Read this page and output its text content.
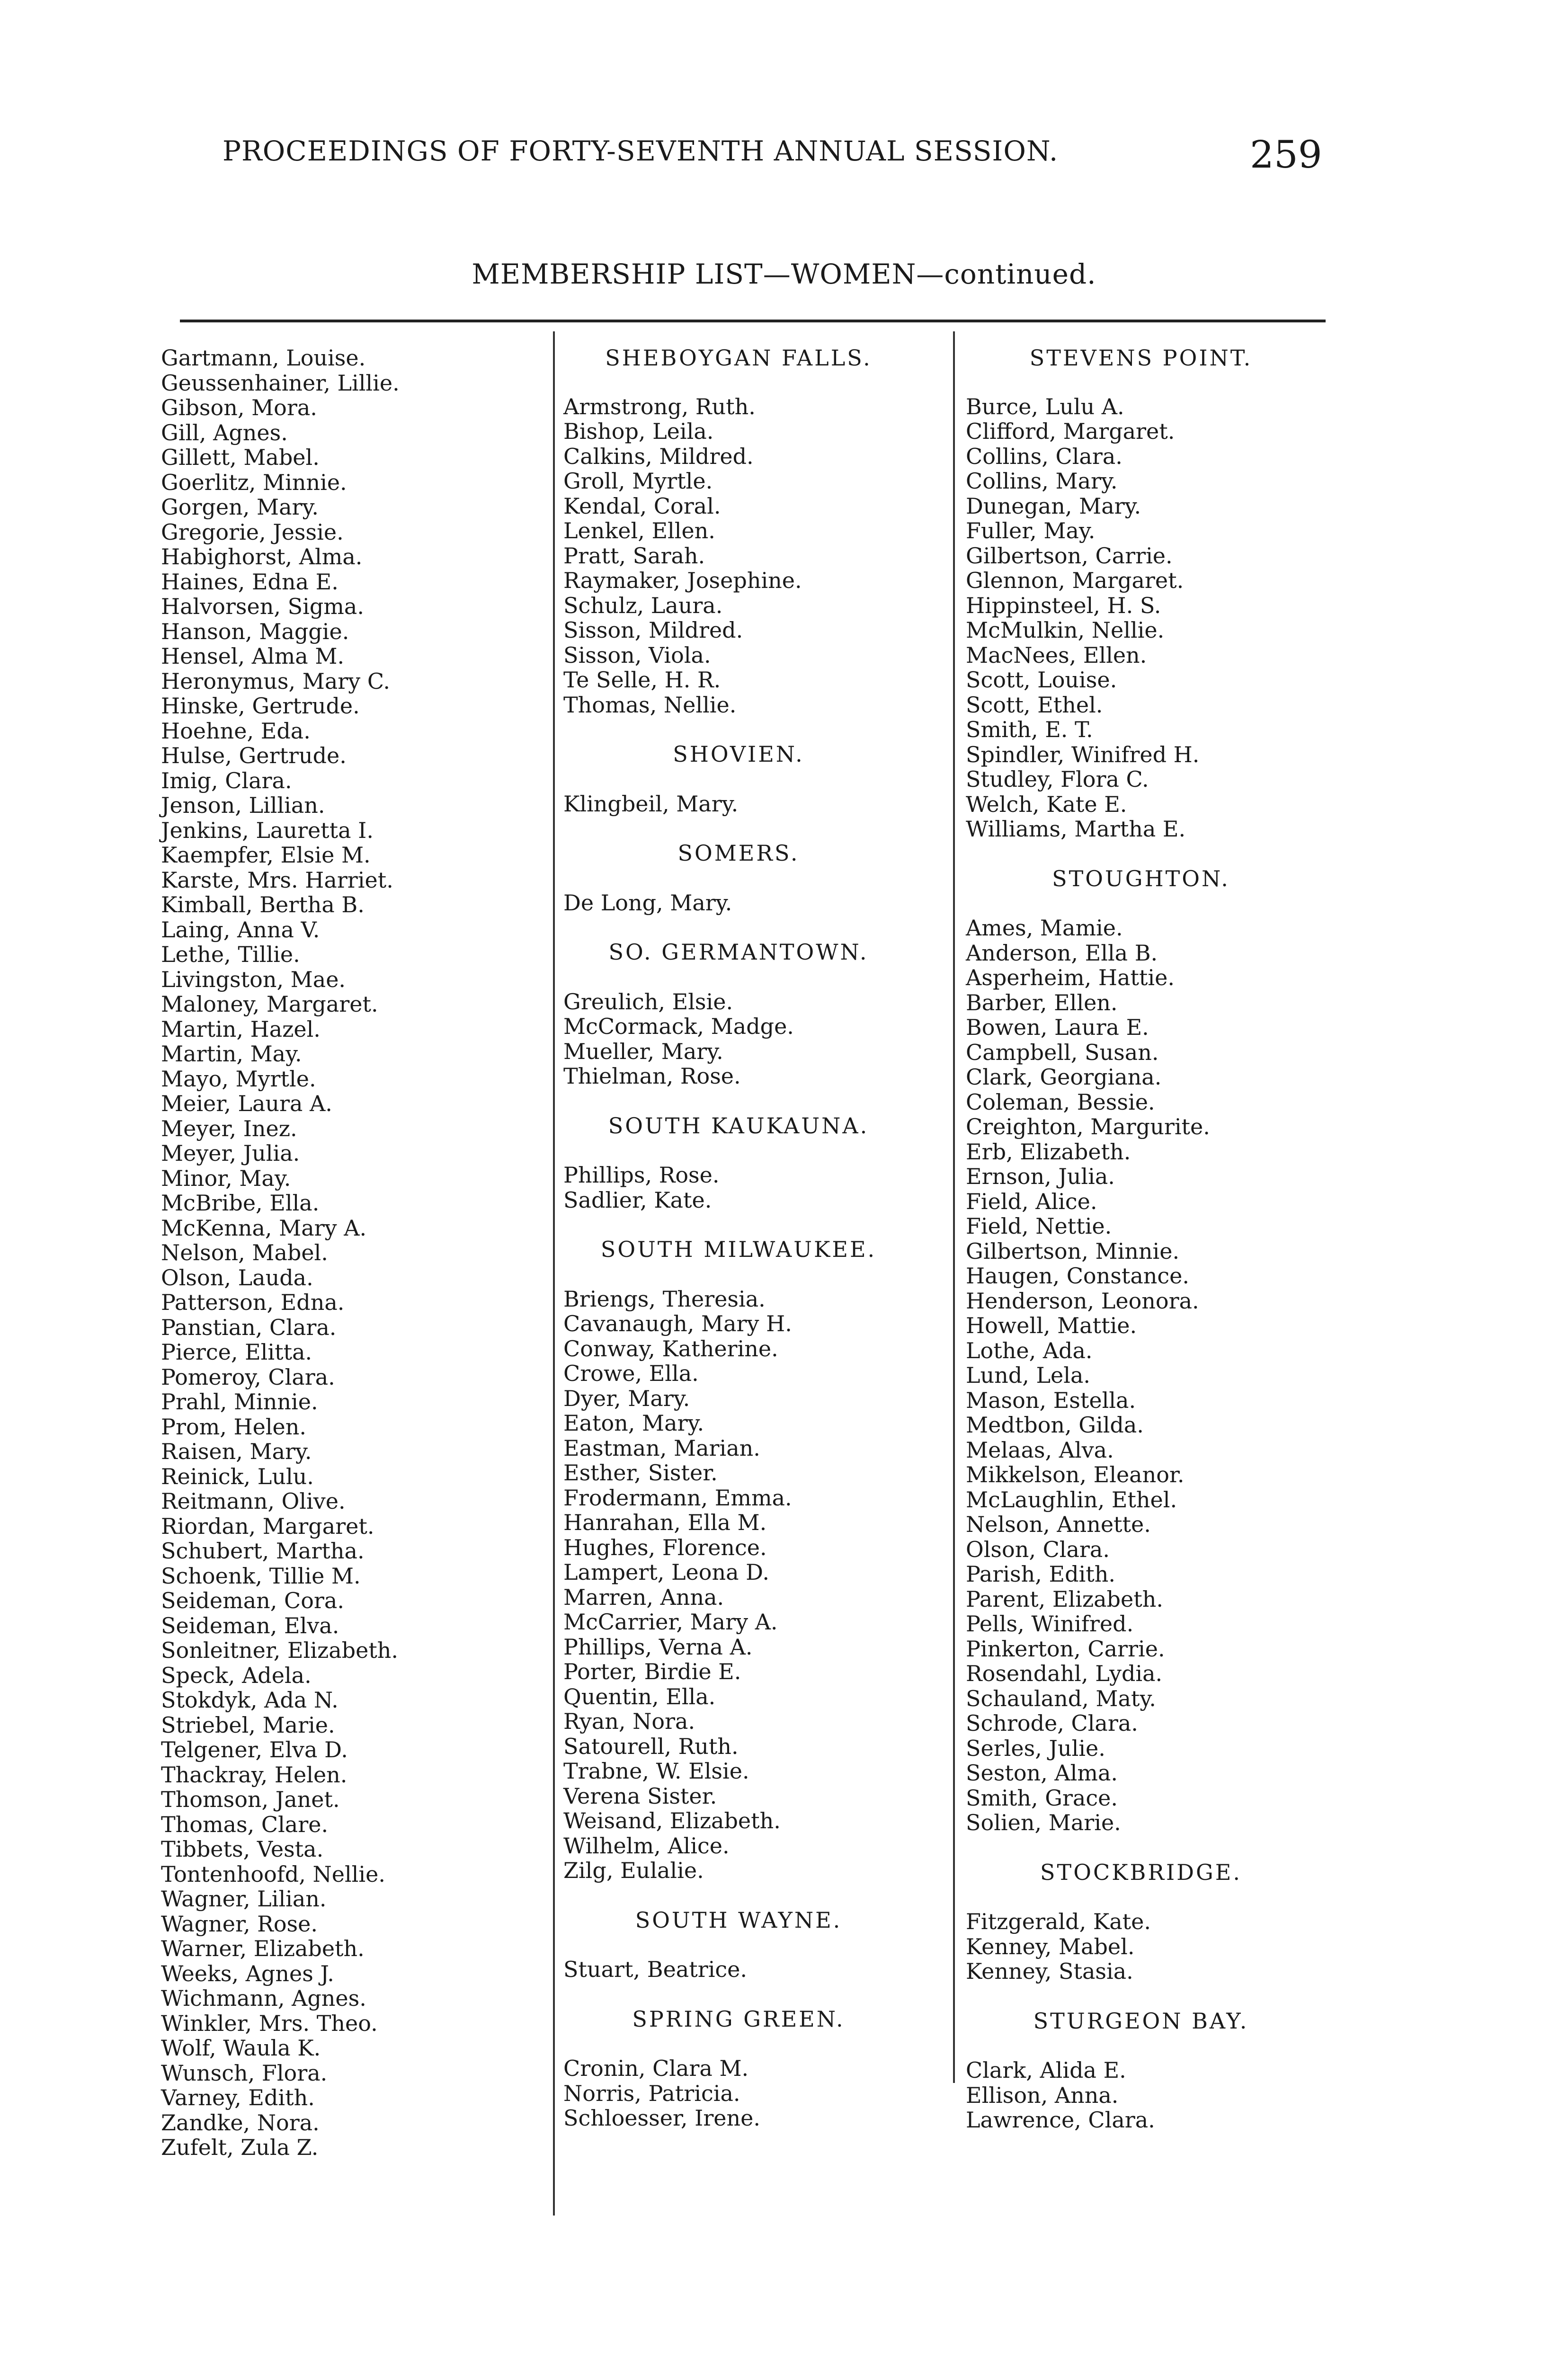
PROCEEDINGS OF FORTY-SEVENTH ANNUAL SESSION.	259
MEMBERSHIP LIST—WOMEN—continued.
Gartmann, Louise.
Geussenhainer, Lillie.
Gibson, Mora.
Gill, Agnes.
Gillett, Mabel.
Goerlitz, Minnie.
Gorgen, Mary.
Gregorie, Jessie.
Habighorst, Alma.
Haines, Edna E.
Halvorsen, Sigma.
Hanson, Maggie.
Hensel, Alma M.
Heronymus, Mary C.
Hinske, Gertrude.
Hoehne, Eda.
Hulse, Gertrude.
Imig, Clara.
Jenson, Lillian.
Jenkins, Lauretta I.
Kaempfer, Elsie M.
Karste, Mrs. Harriet.
Kimball, Bertha B.
Laing, Anna V.
Lethe, Tillie.
Livingston, Mae.
Maloney, Margaret.
Martin, Hazel.
Martin, May.
Mayo, Myrtle.
Meier, Laura A.
Meyer, Inez.
Meyer, Julia.
Minor, May.
McBribe, Ella.
McKenna, Mary A.
Nelson, Mabel.
Olson, Lauda.
Patterson, Edna.
Panstian, Clara.
Pierce, Elitta.
Pomeroy, Clara.
Prahl, Minnie.
Prom, Helen.
Raisen, Mary.
Reinick, Lulu.
Reitmann, Olive.
Riordan, Margaret.
Schubert, Martha.
Schoenk, Tillie M.
Seideman, Cora.
Seideman, Elva.
Sonleitner, Elizabeth.
Speck, Adela.
Stokdyk, Ada N.
Striebel, Marie.
Telgener, Elva D.
Thackray, Helen.
Thomson, Janet.
Thomas, Clare.
Tibbets, Vesta.
Tontenhoofd, Nellie.
Wagner, Lilian.
Wagner, Rose.
Warner, Elizabeth.
Weeks, Agnes J.
Wichmann, Agnes.
Winkler, Mrs. Theo.
Wolf, Waula K.
Wunsch, Flora.
Varney, Edith.
Zandke, Nora.
Zufelt, Zula Z.
SHEBOYGAN FALLS.
Armstrong, Ruth.
Bishop, Leila.
Calkins, Mildred.
Groll, Myrtle.
Kendal, Coral.
Lenkel, Ellen.
Pratt, Sarah.
Raymaker, Josephine.
Schulz, Laura.
Sisson, Mildred.
Sisson, Viola.
Te Selle, H. R.
Thomas, Nellie.
SHOVIEN.
Klingbeil, Mary.
SOMERS.
De Long, Mary.
SO. GERMANTOWN.
Greulich, Elsie.
McCormack, Madge.
Mueller, Mary.
Thielman, Rose.
SOUTH KAUKAUNA.
Phillips, Rose.
Sadlier, Kate.
SOUTH MILWAUKEE.
Briengs, Theresia.
Cavanaugh, Mary H.
Conway, Katherine.
Crowe, Ella.
Dyer, Mary.
Eaton, Mary.
Eastman, Marian.
Esther, Sister.
Frodermann, Emma.
Hanrahan, Ella M.
Hughes, Florence.
Lampert, Leona D.
Marren, Anna.
McCarrier, Mary A.
Phillips, Verna A.
Porter, Birdie E.
Quentin, Ella.
Ryan, Nora.
Satourell, Ruth.
Trabne, W. Elsie.
Verena Sister.
Weisand, Elizabeth.
Wilhelm, Alice.
Zilg, Eulalie.
SOUTH WAYNE.
Stuart, Beatrice.
SPRING GREEN.
Cronin, Clara M.
Norris, Patricia.
Schloesser, Irene.
STEVENS POINT.
Burce, Lulu A.
Clifford, Margaret.
Collins, Clara.
Collins, Mary.
Dunegan, Mary.
Fuller, May.
Gilbertson, Carrie.
Glennon, Margaret.
Hippinsteel, H. S.
McMulkin, Nellie.
MacNees, Ellen.
Scott, Louise.
Scott, Ethel.
Smith, E. T.
Spindler, Winifred H.
Studley, Flora C.
Welch, Kate E.
Williams, Martha E.
STOUGHTON.
Ames, Mamie.
Anderson, Ella B.
Asperheim, Hattie.
Barber, Ellen.
Bowen, Laura E.
Campbell, Susan.
Clark, Georgiana.
Coleman, Bessie.
Creighton, Margurite.
Erb, Elizabeth.
Ernson, Julia.
Field, Alice.
Field, Nettie.
Gilbertson, Minnie.
Haugen, Constance.
Henderson, Leonora.
Howell, Mattie.
Lothe, Ada.
Lund, Lela.
Mason, Estella.
Medtbon, Gilda.
Melaas, Alva.
Mikkelson, Eleanor.
McLaughlin, Ethel.
Nelson, Annette.
Olson, Clara.
Parish, Edith.
Parent, Elizabeth.
Pells, Winifred.
Pinkerton, Carrie.
Rosendahl, Lydia.
Schauland, Maty.
Schrode, Clara.
Serles, Julie.
Seston, Alma.
Smith, Grace.
Solien, Marie.
STOCKBRIDGE.
Fitzgerald, Kate.
Kenney, Mabel.
Kenney, Stasia.
STURGEON BAY.
Clark, Alida E.
Ellison, Anna.
Lawrence, Clara.
